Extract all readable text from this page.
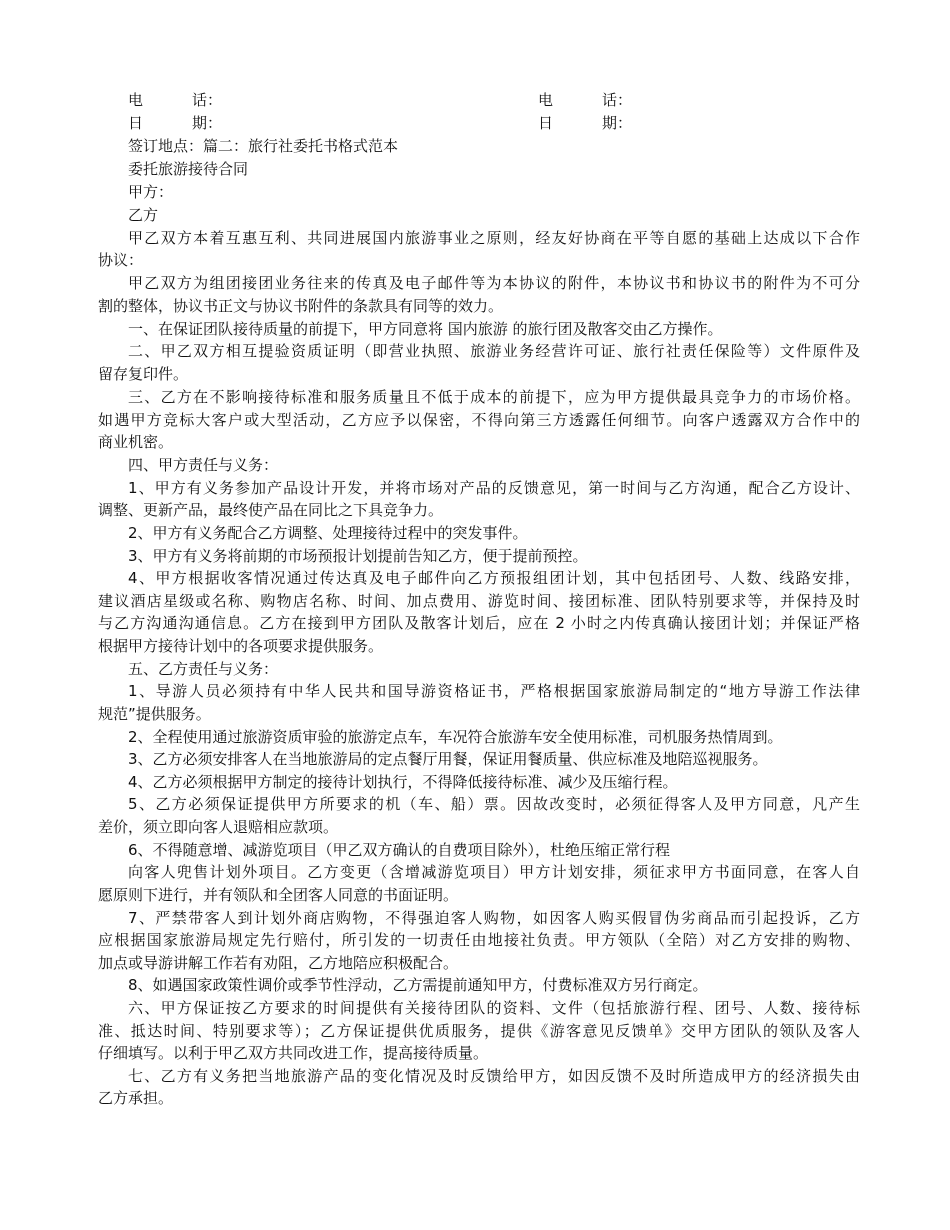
电	话：	电	话：
日	期：	日	期：
签订地点：篇二：旅行社委托书格式范本
委托旅游接待合同
甲方：
乙方
甲乙双方本着互惠互利、共同进展国内旅游事业之原则，经友好协商在平等自愿的基础上达成以下合作
协议：
甲乙双方为组团接团业务往来的传真及电子邮件等为本协议的附件，本协议书和协议书的附件为不可分
割的整体，协议书正文与协议书附件的条款具有同等的效力。
一、在保证团队接待质量的前提下，甲方同意将 国内旅游 的旅行团及散客交由乙方操作。
二、甲乙双方相互提验资质证明（即营业执照、旅游业务经营许可证、旅行社责任保险等）文件原件及
留存复印件。
三、乙方在不影响接待标准和服务质量且不低于成本的前提下，应为甲方提供最具竞争力的市场价格。
如遇甲方竞标大客户或大型活动，乙方应予以保密，不得向第三方透露任何细节。向客户透露双方合作中的
商业机密。
四、甲方责任与义务：
1、甲方有义务参加产品设计开发，并将市场对产品的反馈意见，第一时间与乙方沟通，配合乙方设计、
调整、更新产品，最终使产品在同比之下具竞争力。
2、甲方有义务配合乙方调整、处理接待过程中的突发事件。
3、甲方有义务将前期的市场预报计划提前告知乙方，便于提前预控。
4、甲方根据收客情况通过传达真及电子邮件向乙方预报组团计划，其中包括团号、人数、线路安排，
建议酒店星级或名称、购物店名称、时间、加点费用、游览时间、接团标准、团队特别要求等，并保持及时
与乙方沟通沟通信息。乙方在接到甲方团队及散客计划后，应在 2 小时之内传真确认接团计划；并保证严格
根据甲方接待计划中的各项要求提供服务。
五、乙方责任与义务：
1、导游人员必须持有中华人民共和国导游资格证书，严格根据国家旅游局制定的“地方导游工作法律
规范”提供服务。
2、全程使用通过旅游资质审验的旅游定点车，车况符合旅游车安全使用标准，司机服务热情周到。
3、乙方必须安排客人在当地旅游局的定点餐厅用餐，保证用餐质量、供应标准及地陪巡视服务。
4、乙方必须根据甲方制定的接待计划执行，不得降低接待标准、减少及压缩行程。
5、乙方必须保证提供甲方所要求的机（车、船）票。因故改变时，必须征得客人及甲方同意，凡产生
差价，须立即向客人退赔相应款项。
6、不得随意增、减游览项目（甲乙双方确认的自费项目除外），杜绝压缩正常行程
向客人兜售计划外项目。乙方变更（含增减游览项目）甲方计划安排，须征求甲方书面同意，在客人自
愿原则下进行，并有领队和全团客人同意的书面证明。
7、严禁带客人到计划外商店购物，不得强迫客人购物，如因客人购买假冒伪劣商品而引起投诉，乙方
应根据国家旅游局规定先行赔付，所引发的一切责任由地接社负责。甲方领队（全陪）对乙方安排的购物、
加点或导游讲解工作若有劝阻，乙方地陪应积极配合。
8、如遇国家政策性调价或季节性浮动，乙方需提前通知甲方，付费标准双方另行商定。
六、甲方保证按乙方要求的时间提供有关接待团队的资料、文件（包括旅游行程、团号、人数、接待标
准、抵达时间、特别要求等）；乙方保证提供优质服务，提供《游客意见反馈单》交甲方团队的领队及客人
仔细填写。以利于甲乙双方共同改进工作，提高接待质量。
七、乙方有义务把当地旅游产品的变化情况及时反馈给甲方，如因反馈不及时所造成甲方的经济损失由
乙方承担。
